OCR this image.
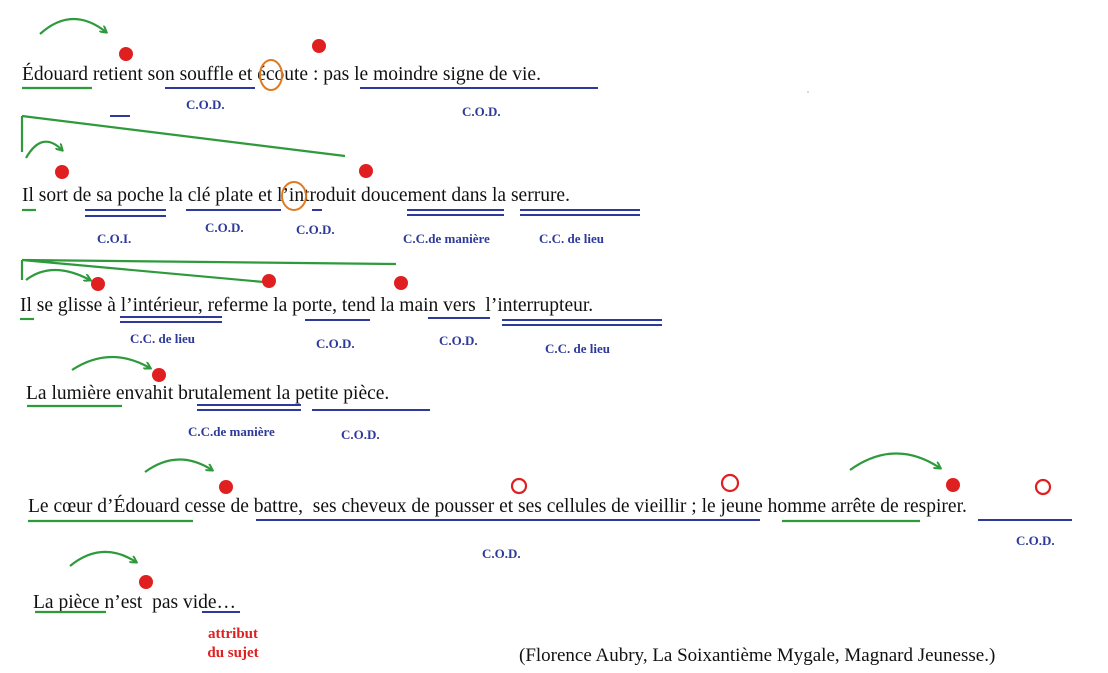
Édouard retient son souffle et écoute : pas le moindre signe de vie.
Il sort de sa poche la clé plate et l’introduit doucement dans la serrure.
Il se glisse à l’intérieur, referme la porte, tend la main vers  l’interrupteur.
La lumière envahit brutalement la petite pièce.
Le cœur d’Édouard cesse de battre,  ses cheveux de pousser et ses cellules de vieillir ; le jeune homme arrête de respirer.
La pièce n’est  pas vide…
C.O.D.	C.O.D.
C.O.I.
C.O.D.	C.O.D.
C.C.de manière	C.C. de lieu
C.C. de lieu	C.O.D.	C.O.D.
C.C. de lieu
C.C.de manière	C.O.D.
C.O.D.
C.O.D.
attribut
du sujet	(Florence Aubry, La Soixantième Mygale, Magnard Jeunesse.)
